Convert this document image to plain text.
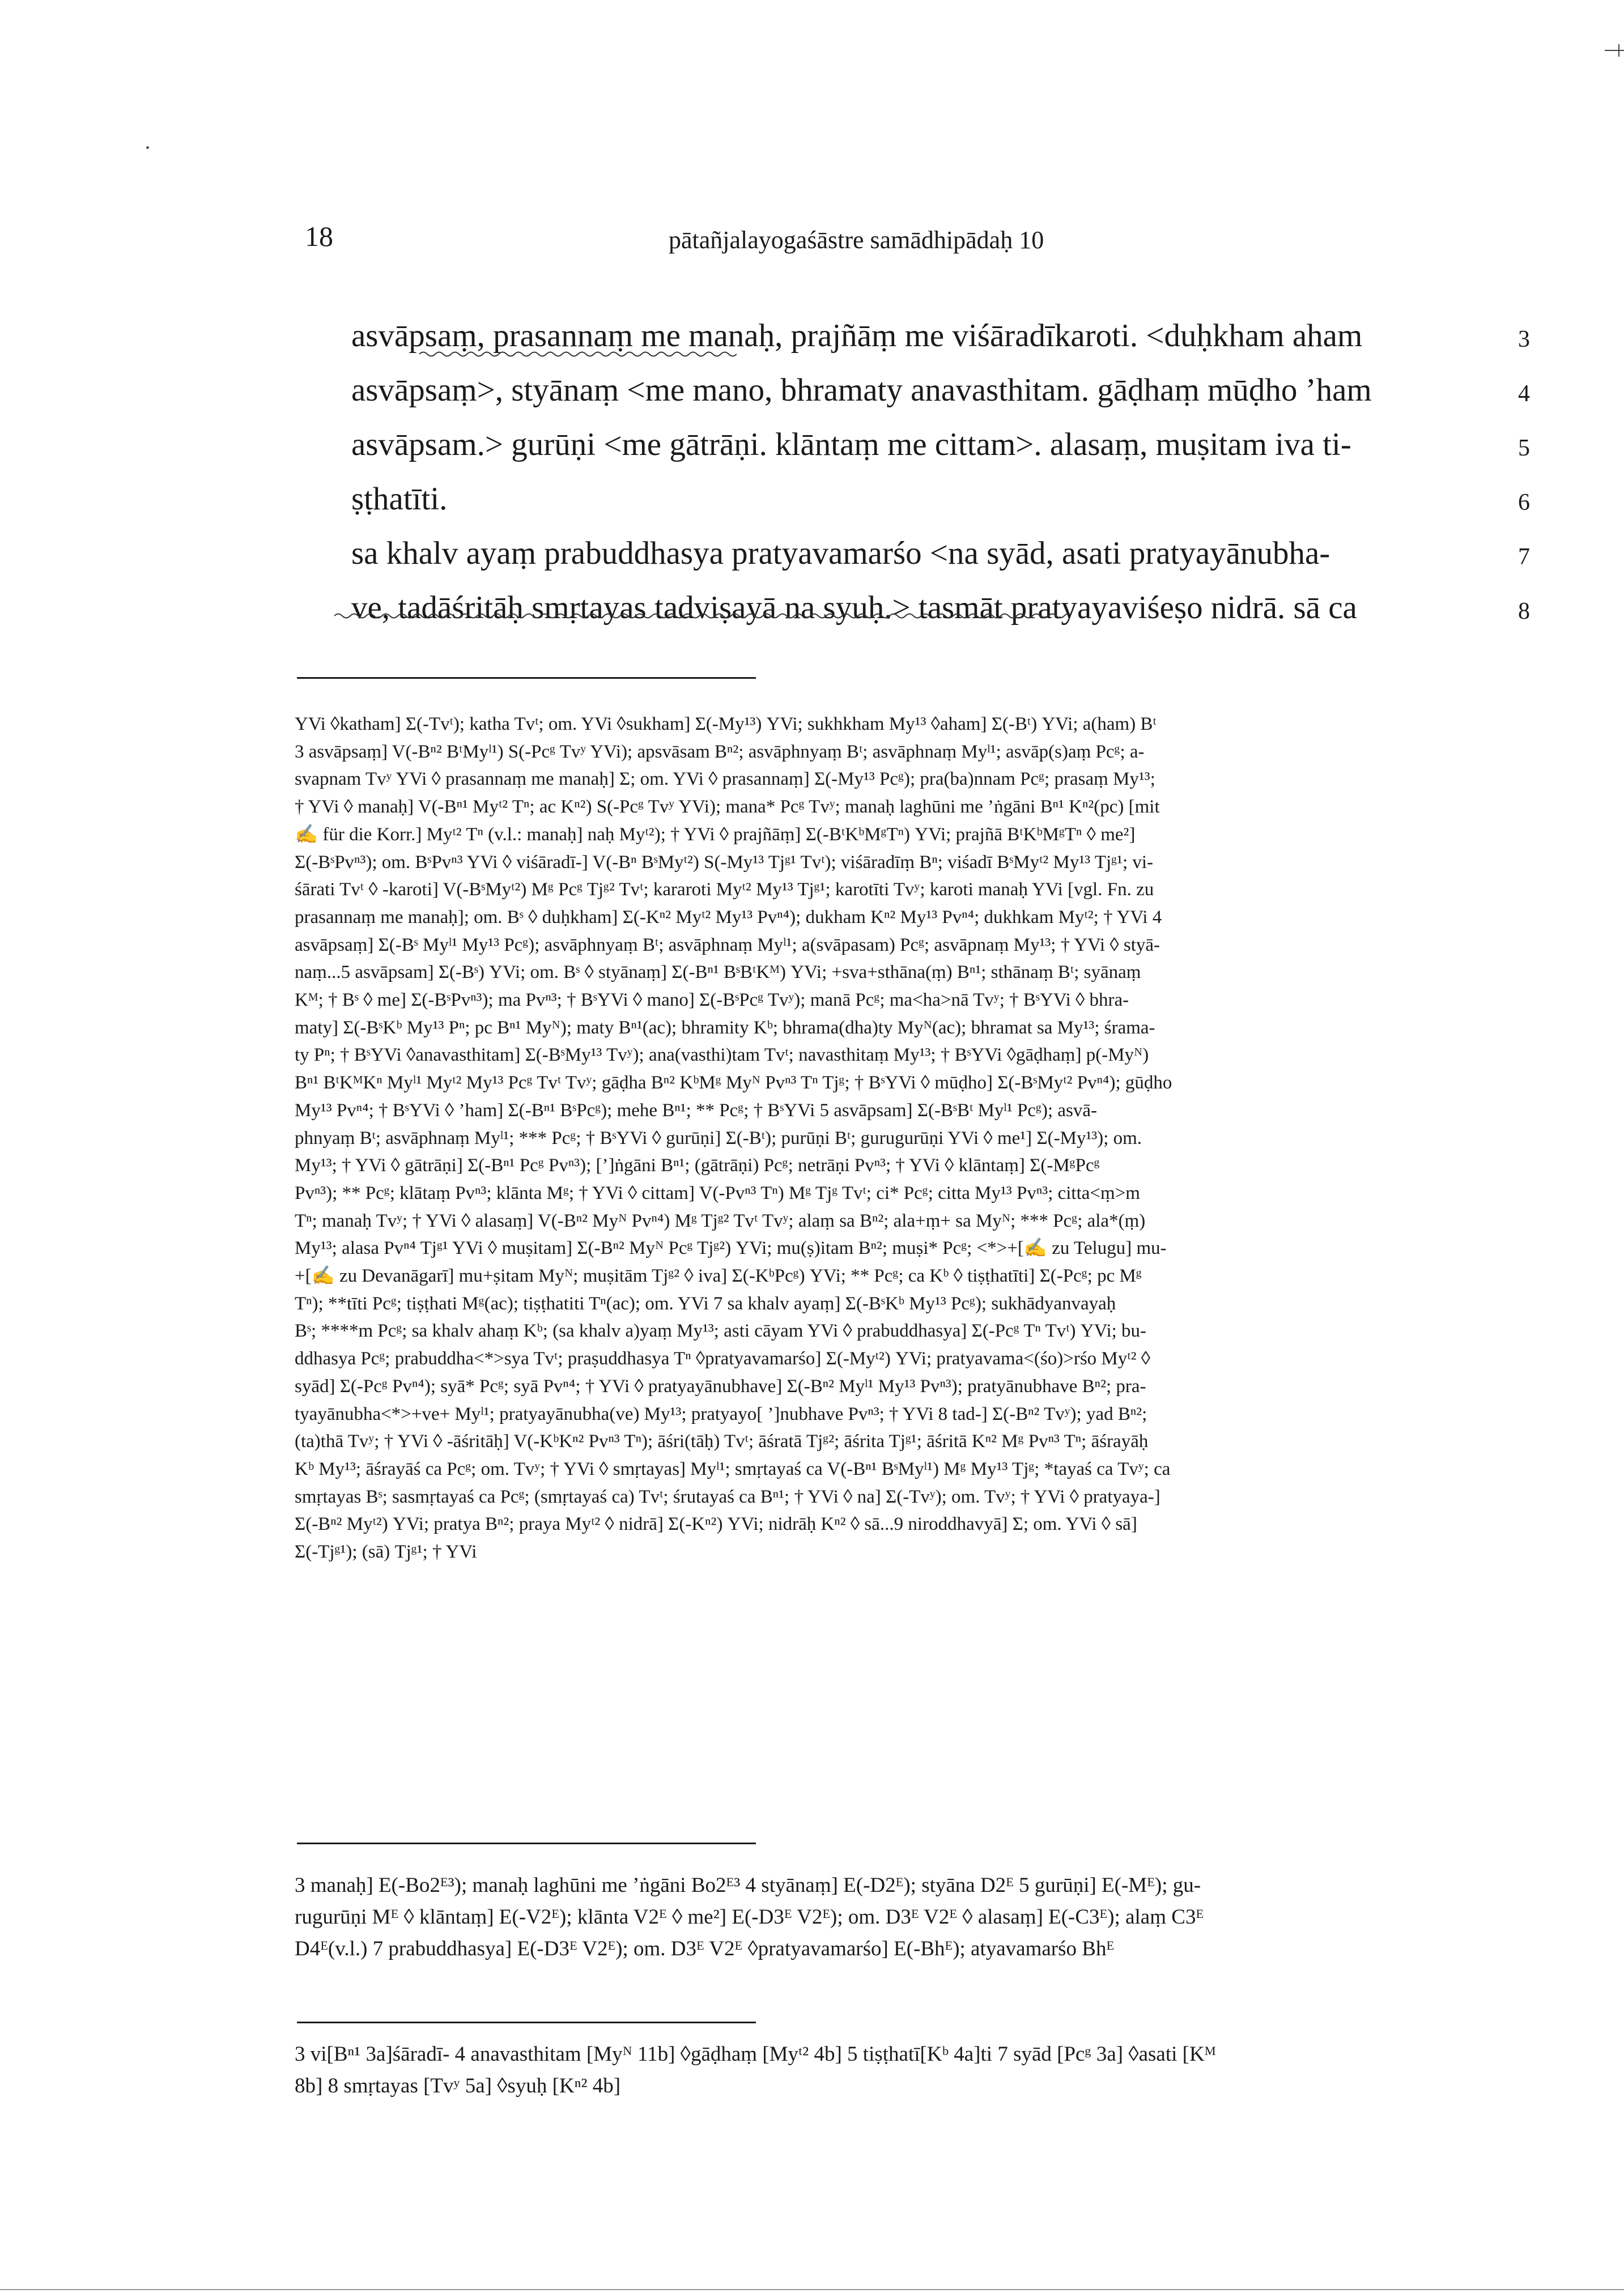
18	pātañjalayogaśāstre samādhipādaḥ 10
asvāpsaṃ, prasannaṃ me manaḥ, prajñāṃ me viśāradīkaroti. <duḥkham aham	3
asvāpsaṃ>, styānaṃ <me mano, bhramaty anavasthitam. gāḍhaṃ mūḍho ’ham	4
asvāpsam.> gurūṇi <me gātrāṇi. klāntaṃ me cittam>. alasaṃ, muṣitam iva ti-	5
ṣṭhatīti.	6
sa khalv ayaṃ prabuddhasya pratyavamarśo <na syād, asati pratyayānubha-	7
ve, tadāśritāḥ smṛtayas tadviṣayā na syuḥ.> tasmāt pratyayaviśeṣo nidrā. sā ca	8

YVi ◊katham] Σ(-Tvᵗ); katha Tvᵗ; om. YVi ◊sukham] Σ(-My¹³) YVi; sukhkham My¹³ ◊aham] Σ(-Bᵗ) YVi; a(ham) Bᵗ

3 asvāpsaṃ] V(-Bⁿ² BᵗMyˡ¹) S(-Pcᵍ Tvʸ YVi); apsvāsam Bⁿ²; asvāphnyaṃ Bᵗ; asvāphnaṃ Myˡ¹; asvāp(s)aṃ Pcᵍ; a-

svapnam Tvʸ YVi ◊ prasannaṃ me manaḥ] Σ; om. YVi ◊ prasannaṃ] Σ(-My¹³ Pcᵍ); pra(ba)nnam Pcᵍ; prasaṃ My¹³;

† YVi ◊ manaḥ] V(-Bⁿ¹ Myᵗ² Tⁿ; ac Kⁿ²) S(-Pcᵍ Tvʸ YVi); mana* Pcᵍ Tvʸ; manaḥ laghūni me ’ṅgāni Bⁿ¹ Kⁿ²(pc) [mit

✍ für die Korr.] Myᵗ² Tⁿ (v.l.: manaḥ] naḥ Myᵗ²); † YVi ◊ prajñāṃ] Σ(-BᵗKᵇMᵍTⁿ) YVi; prajñā BᵗKᵇMᵍTⁿ ◊ me²]

Σ(-BˢPvⁿ³); om. BˢPvⁿ³ YVi ◊ viśāradī-] V(-Bⁿ BˢMyᵗ²) S(-My¹³ Tjᵍ¹ Tvᵗ); viśāradīṃ Bⁿ; viśadī BˢMyᵗ² My¹³ Tjᵍ¹; vi-

śārati Tvᵗ ◊ -karoti] V(-BˢMyᵗ²) Mᵍ Pcᵍ Tjᵍ² Tvᵗ; kararoti Myᵗ² My¹³ Tjᵍ¹; karotīti Tvʸ; karoti manaḥ YVi [vgl. Fn. zu

prasannaṃ me manaḥ]; om. Bˢ ◊ duḥkham] Σ(-Kⁿ² Myᵗ² My¹³ Pvⁿ⁴); dukham Kⁿ² My¹³ Pvⁿ⁴; dukhkam Myᵗ²; † YVi 4

asvāpsaṃ] Σ(-Bˢ Myˡ¹ My¹³ Pcᵍ); asvāphnyaṃ Bᵗ; asvāphnaṃ Myˡ¹; a(svāpasam) Pcᵍ; asvāpnaṃ My¹³; † YVi ◊ styā-

naṃ...5 asvāpsam] Σ(-Bˢ) YVi; om. Bˢ ◊ styānaṃ] Σ(-Bⁿ¹ BˢBᵗKᴹ) YVi; +sva+sthāna(ṃ) Bⁿ¹; sthānaṃ Bᵗ; syānaṃ

Kᴹ; † Bˢ ◊ me] Σ(-BˢPvⁿ³); ma Pvⁿ³; † BˢYVi ◊ mano] Σ(-BˢPcᵍ Tvʸ); manā Pcᵍ; ma<ha>nā Tvʸ; † BˢYVi ◊ bhra-

maty] Σ(-BˢKᵇ My¹³ Pⁿ; pc Bⁿ¹ Myᴺ); maty Bⁿ¹(ac); bhramity Kᵇ; bhrama(dha)ty Myᴺ(ac); bhramat sa My¹³; śrama-

ty Pⁿ; † BˢYVi ◊anavasthitam] Σ(-BˢMy¹³ Tvʸ); ana(vasthi)tam Tvᵗ; navasthitaṃ My¹³; † BˢYVi ◊gāḍhaṃ] p(-Myᴺ)

Bⁿ¹ BᵗKᴹKⁿ Myˡ¹ Myᵗ² My¹³ Pcᵍ Tvᵗ Tvʸ; gāḍha Bⁿ² KᵇMᵍ Myᴺ Pvⁿ³ Tⁿ Tjᵍ; † BˢYVi ◊ mūḍho] Σ(-BˢMyᵗ² Pvⁿ⁴); gūḍho

My¹³ Pvⁿ⁴; † BˢYVi ◊ ’ham] Σ(-Bⁿ¹ BˢPcᵍ); mehe Bⁿ¹; ** Pcᵍ; † BˢYVi 5 asvāpsam] Σ(-BˢBᵗ Myˡ¹ Pcᵍ); asvā-

phnyaṃ Bᵗ; asvāphnaṃ Myˡ¹; *** Pcᵍ; † BˢYVi ◊ gurūṇi] Σ(-Bᵗ); purūṇi Bᵗ; gurugurūṇi YVi ◊ me¹] Σ(-My¹³); om.

My¹³; † YVi ◊ gātrāṇi] Σ(-Bⁿ¹ Pcᵍ Pvⁿ³); [’]ṅgāni Bⁿ¹; (gātrāṇi) Pcᵍ; netrāṇi Pvⁿ³; † YVi ◊ klāntaṃ] Σ(-MᵍPcᵍ

Pvⁿ³); ** Pcᵍ; klātaṃ Pvⁿ³; klānta Mᵍ; † YVi ◊ cittam] V(-Pvⁿ³ Tⁿ) Mᵍ Tjᵍ Tvᵗ; ci* Pcᵍ; citta My¹³ Pvⁿ³; citta<ṃ>m

Tⁿ; manaḥ Tvʸ; † YVi ◊ alasaṃ] V(-Bⁿ² Myᴺ Pvⁿ⁴) Mᵍ Tjᵍ² Tvᵗ Tvʸ; alaṃ sa Bⁿ²; ala+ṃ+ sa Myᴺ; *** Pcᵍ; ala*(ṃ)

My¹³; alasa Pvⁿ⁴ Tjᵍ¹ YVi ◊ muṣitam] Σ(-Bⁿ² Myᴺ Pcᵍ Tjᵍ²) YVi; mu(ṣ)itam Bⁿ²; muṣi* Pcᵍ; <*>+[✍ zu Telugu] mu-

+[✍ zu Devanāgarī] mu+ṣitam Myᴺ; muṣitām Tjᵍ² ◊ iva] Σ(-KᵇPcᵍ) YVi; ** Pcᵍ; ca Kᵇ ◊ tiṣṭhatīti] Σ(-Pcᵍ; pc Mᵍ

Tⁿ); **tīti Pcᵍ; tiṣṭhati Mᵍ(ac); tiṣṭhatiti Tⁿ(ac); om. YVi 7 sa khalv ayaṃ] Σ(-BˢKᵇ My¹³ Pcᵍ); sukhādyanvayaḥ

Bˢ; ****m Pcᵍ; sa khalv ahaṃ Kᵇ; (sa khalv a)yaṃ My¹³; asti cāyam YVi ◊ prabuddhasya] Σ(-Pcᵍ Tⁿ Tvᵗ) YVi; bu-

ddhasya Pcᵍ; prabuddha<*>sya Tvᵗ; praṣuddhasya Tⁿ ◊pratyavamarśo] Σ(-Myᵗ²) YVi; pratyavama<(śo)>rśo Myᵗ² ◊

syād] Σ(-Pcᵍ Pvⁿ⁴); syā* Pcᵍ; syā Pvⁿ⁴; † YVi ◊ pratyayānubhave] Σ(-Bⁿ² Myˡ¹ My¹³ Pvⁿ³); pratyānubhave Bⁿ²; pra-

tyayānubha<*>+ve+ Myˡ¹; pratyayānubha(ve) My¹³; pratyayo[ ’]nubhave Pvⁿ³; † YVi 8 tad-] Σ(-Bⁿ² Tvʸ); yad Bⁿ²;

(ta)thā Tvʸ; † YVi ◊ -āśritāḥ] V(-KᵇKⁿ² Pvⁿ³ Tⁿ); āśri(tāḥ) Tvᵗ; āśratā Tjᵍ²; āśrita Tjᵍ¹; āśritā Kⁿ² Mᵍ Pvⁿ³ Tⁿ; āśrayāḥ

Kᵇ My¹³; āśrayāś ca Pcᵍ; om. Tvʸ; † YVi ◊ smṛtayas] Myˡ¹; smṛtayaś ca V(-Bⁿ¹ BˢMyˡ¹) Mᵍ My¹³ Tjᵍ; *tayaś ca Tvʸ; ca

smṛtayas Bˢ; sasmṛtayaś ca Pcᵍ; (smṛtayaś ca) Tvᵗ; śrutayaś ca Bⁿ¹; † YVi ◊ na] Σ(-Tvʸ); om. Tvʸ; † YVi ◊ pratyaya-]

Σ(-Bⁿ² Myᵗ²) YVi; pratya Bⁿ²; praya Myᵗ² ◊ nidrā] Σ(-Kⁿ²) YVi; nidrāḥ Kⁿ² ◊ sā...9 niroddhavyā] Σ; om. YVi ◊ sā]

Σ(-Tjᵍ¹); (sā) Tjᵍ¹; † YVi

3 manaḥ] E(-Bo2ᴱ³); manaḥ laghūni me ’ṅgāni Bo2ᴱ³ 4 styānaṃ] E(-D2ᴱ); styāna D2ᴱ 5 gurūṇi] E(-Mᴱ); gu-

rugurūṇi Mᴱ ◊ klāntaṃ] E(-V2ᴱ); klānta V2ᴱ ◊ me²] E(-D3ᴱ V2ᴱ); om. D3ᴱ V2ᴱ ◊ alasaṃ] E(-C3ᴱ); alaṃ C3ᴱ

D4ᴱ(v.l.) 7 prabuddhasya] E(-D3ᴱ V2ᴱ); om. D3ᴱ V2ᴱ ◊pratyavamarśo] E(-Bhᴱ); atyavamarśo Bhᴱ

3 vi[Bⁿ¹ 3a]śāradī- 4 anavasthitam [Myᴺ 11b] ◊gāḍhaṃ [Myᵗ² 4b] 5 tiṣṭhatī[Kᵇ 4a]ti 7 syād [Pcᵍ 3a] ◊asati [Kᴹ

8b] 8 smṛtayas [Tvʸ 5a] ◊syuḥ [Kⁿ² 4b]
